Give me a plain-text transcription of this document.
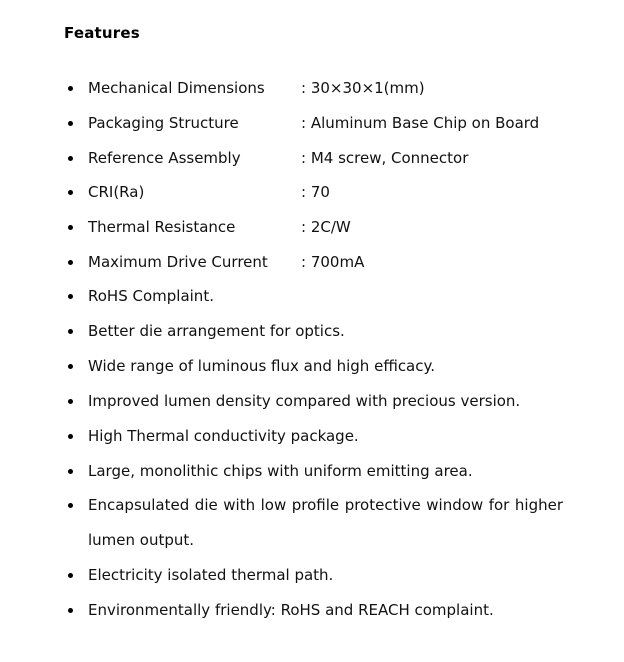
Features
Mechanical Dimensions : 30×30×1(mm)
Packaging Structure	: Aluminum Base Chip on Board
Reference Assembly	: M4 screw, Connector
CRI(Ra)	: 70
Thermal Resistance	: 2C/W
Maximum Drive Current : 700mA
RoHS Complaint.
Better die arrangement for optics.
Wide range of luminous flux and high efficacy.
Improved lumen density compared with precious version.
High Thermal conductivity package.
Large, monolithic chips with uniform emitting area.
Encapsulated die with low profile protective window for higher
lumen output.
Electricity isolated thermal path.
Environmentally friendly: RoHS and REACH complaint.
